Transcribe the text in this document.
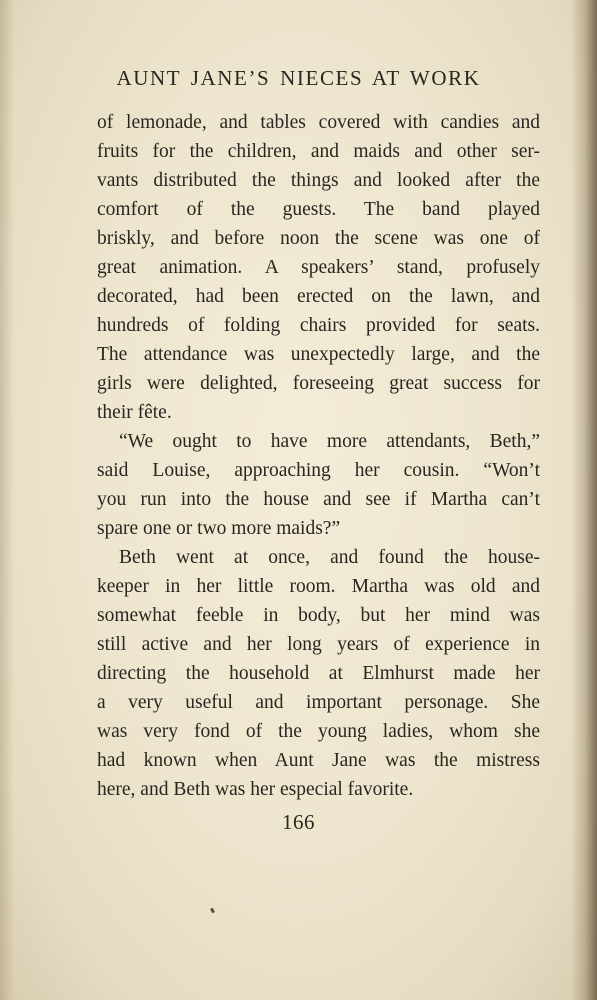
AUNT JANE’S NIECES AT WORK
of lemonade, and tables covered with candies and
fruits for the children, and maids and other ser-
vants distributed the things and looked after the
comfort of the guests. The band played
briskly, and before noon the scene was one of
great animation. A speakers’ stand, profusely
decorated, had been erected on the lawn, and
hundreds of folding chairs provided for seats.
The attendance was unexpectedly large, and the
girls were delighted, foreseeing great success for
their fête.
“We ought to have more attendants, Beth,”
said Louise, approaching her cousin. “Won’t
you run into the house and see if Martha can’t
spare one or two more maids?”
Beth went at once, and found the house-
keeper in her little room. Martha was old and
somewhat feeble in body, but her mind was
still active and her long years of experience in
directing the household at Elmhurst made her
a very useful and important personage. She
was very fond of the young ladies, whom she
had known when Aunt Jane was the mistress
here, and Beth was her especial favorite.
166
